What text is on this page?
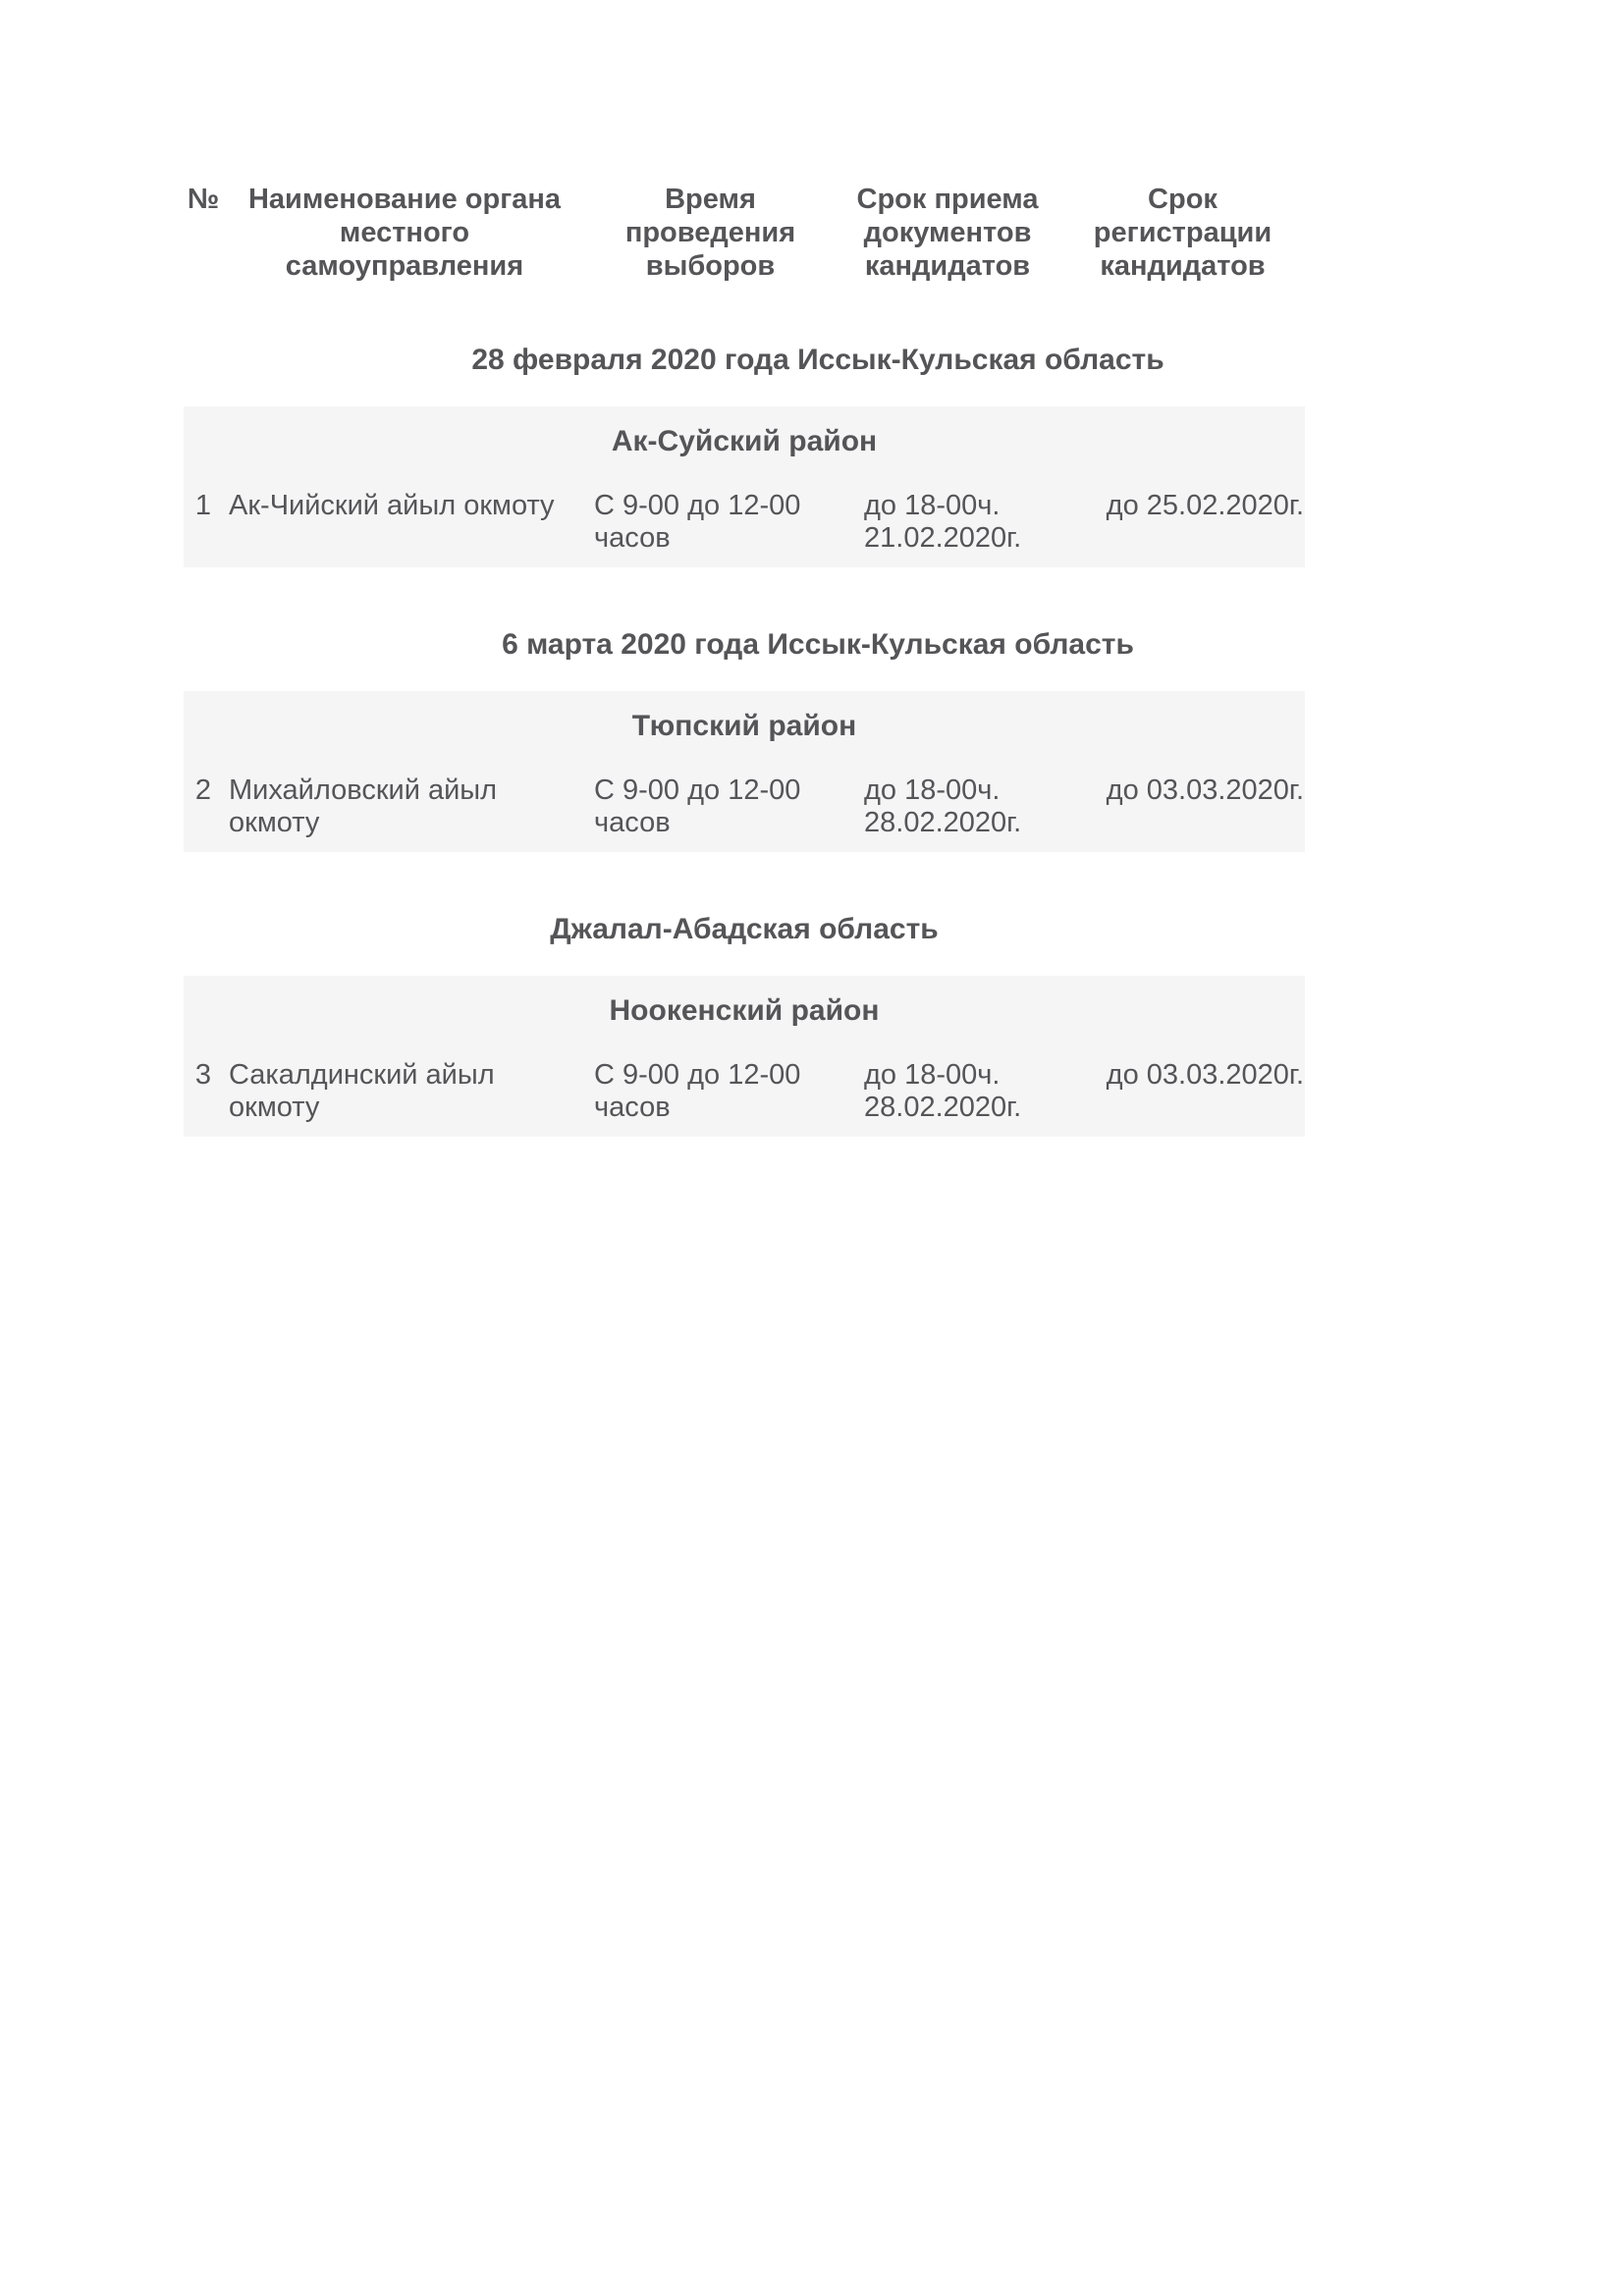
№	Наименование органа местного самоуправления
Время проведения выборов
Срок приема документов кандидатов
Срок регистрации кандидатов
28 февраля 2020 года Иссык-Кульская область
Ак-Суйский район
1 Ак-Чийский айыл окмоту	С 9-00 до 12-00 часов
до 18-00ч. 21.02.2020г.
до 25.02.2020г.
6 марта 2020 года Иссык-Кульская область
Тюпский район
2 Михайловский айыл окмоту
С 9-00 до 12-00 часов
до 18-00ч. 28.02.2020г.
до 03.03.2020г.
Джалал-Абадская область
Ноокенский район
3 Сакалдинский айыл окмоту
С 9-00 до 12-00 часов
до 18-00ч. 28.02.2020г.
до 03.03.2020г.
